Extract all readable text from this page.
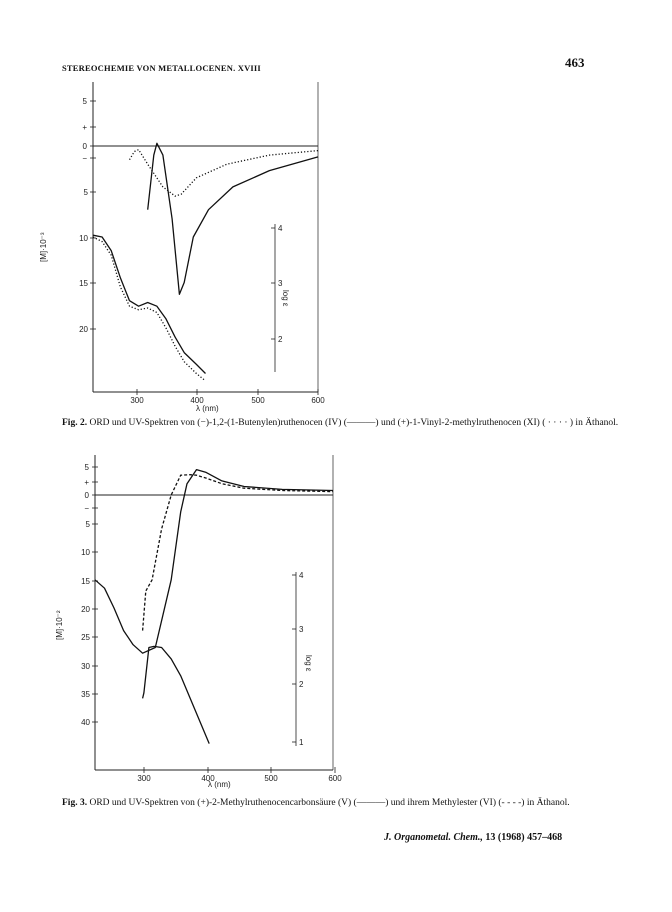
STEREOCHEMIE VON METALLOCENEN. XVIII	463
5
+
0
−
5
10
15
20
300	400	500	600
4
3
2
[M]·10⁻³
λ (nm)
log ε
5
+
0
−
5
10
15
20
25
30
35
40
300	400	500	600
4
3
2
1
[M]·10⁻²
λ (nm)
log ε
Fig. 2. ORD und UV-Spektren von (−)-1,2-(1-Butenylen)ruthenocen (IV) (———) und (+)-1-Vinyl-2-methylruthenocen (XI) ( · · · · ) in Äthanol.
Fig. 3. ORD und UV-Spektren von (+)-2-Methylruthenocencarbonsäure (V) (———) und ihrem Methylester (VI) (- - - -) in Äthanol.
J. Organometal. Chem., 13 (1968) 457–468
